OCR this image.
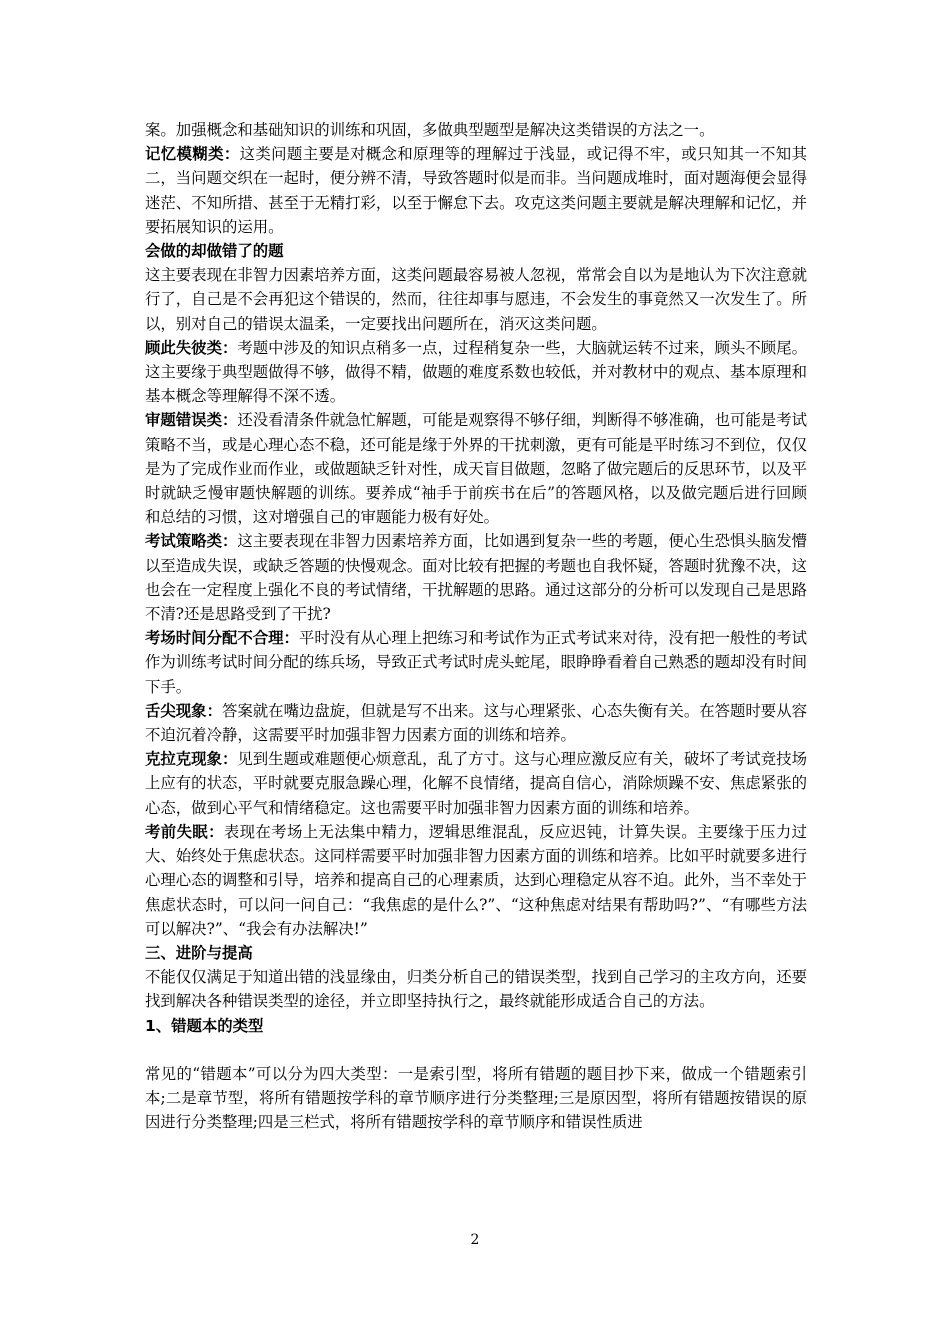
案。加强概念和基础知识的训练和巩固，多做典型题型是解决这类错误的方法之一。

记忆模糊类：这类问题主要是对概念和原理等的理解过于浅显，或记得不牢，或只知其一不知其二，当问题交织在一起时，便分辨不清，导致答题时似是而非。当问题成堆时，面对题海便会显得迷茫、不知所措、甚至于无精打彩，以至于懈怠下去。攻克这类问题主要就是解决理解和记忆，并要拓展知识的运用。

会做的却做错了的题

这主要表现在非智力因素培养方面，这类问题最容易被人忽视，常常会自以为是地认为下次注意就行了，自己是不会再犯这个错误的，然而，往往却事与愿违，不会发生的事竟然又一次发生了。所以，别对自己的错误太温柔，一定要找出问题所在，消灭这类问题。

顾此失彼类：考题中涉及的知识点稍多一点，过程稍复杂一些，大脑就运转不过来，顾头不顾尾。这主要缘于典型题做得不够，做得不精，做题的难度系数也较低，并对教材中的观点、基本原理和基本概念等理解得不深不透。

审题错误类：还没看清条件就急忙解题，可能是观察得不够仔细，判断得不够准确，也可能是考试策略不当，或是心理心态不稳，还可能是缘于外界的干扰刺激，更有可能是平时练习不到位，仅仅是为了完成作业而作业，或做题缺乏针对性，成天盲目做题，忽略了做完题后的反思环节，以及平时就缺乏慢审题快解题的训练。要养成“袖手于前疾书在后”的答题风格，以及做完题后进行回顾和总结的习惯，这对增强自己的审题能力极有好处。

考试策略类：这主要表现在非智力因素培养方面，比如遇到复杂一些的考题，便心生恐惧头脑发懵以至造成失误，或缺乏答题的快慢观念。面对比较有把握的考题也自我怀疑，答题时犹豫不决，这也会在一定程度上强化不良的考试情绪，干扰解题的思路。通过这部分的分析可以发现自己是思路不清?还是思路受到了干扰?

考场时间分配不合理：平时没有从心理上把练习和考试作为正式考试来对待，没有把一般性的考试作为训练考试时间分配的练兵场，导致正式考试时虎头蛇尾，眼睁睁看着自己熟悉的题却没有时间下手。

舌尖现象：答案就在嘴边盘旋，但就是写不出来。这与心理紧张、心态失衡有关。在答题时要从容不迫沉着冷静，这需要平时加强非智力因素方面的训练和培养。

克拉克现象：见到生题或难题便心烦意乱，乱了方寸。这与心理应激反应有关，破坏了考试竞技场上应有的状态，平时就要克服急躁心理，化解不良情绪，提高自信心，消除烦躁不安、焦虑紧张的心态，做到心平气和情绪稳定。这也需要平时加强非智力因素方面的训练和培养。

考前失眠：表现在考场上无法集中精力，逻辑思维混乱，反应迟钝，计算失误。主要缘于压力过大、始终处于焦虑状态。这同样需要平时加强非智力因素方面的训练和培养。比如平时就要多进行心理心态的调整和引导，培养和提高自己的心理素质，达到心理稳定从容不迫。此外，当不幸处于焦虑状态时，可以问一问自己：“我焦虑的是什么?”、“这种焦虑对结果有帮助吗?”、“有哪些方法可以解决?”、“我会有办法解决!”

三、进阶与提高

不能仅仅满足于知道出错的浅显缘由，归类分析自己的错误类型，找到自己学习的主攻方向，还要找到解决各种错误类型的途径，并立即坚持执行之，最终就能形成适合自己的方法。

1、错题本的类型

常见的“错题本”可以分为四大类型：一是索引型，将所有错题的题目抄下来，做成一个错题索引本;二是章节型，将所有错题按学科的章节顺序进行分类整理;三是原因型，将所有错题按错误的原因进行分类整理;四是三栏式，将所有错题按学科的章节顺序和错误性质进

2
